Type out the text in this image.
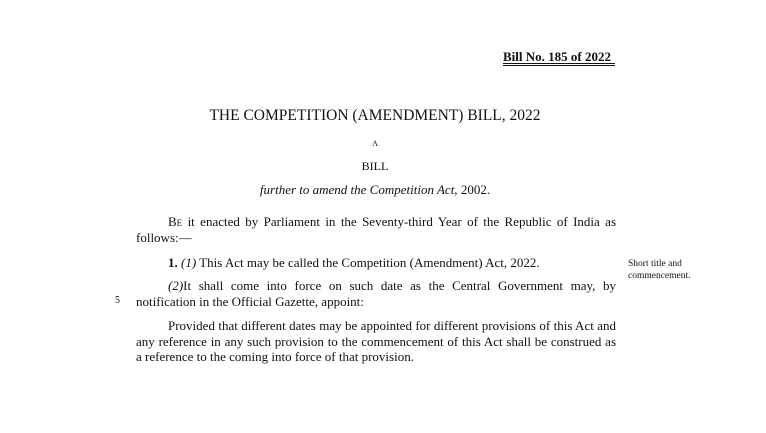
Bill No. 185 of 2022
THE COMPETITION (AMENDMENT) BILL, 2022
A
BILL
further to amend the Competition Act, 2002.
Be it enacted by Parliament in the Seventy-third Year of the Republic of India as follows:—
1. (1) This Act may be called the Competition (Amendment) Act, 2022.
(2)It shall come into force on such date as the Central Government may, by notification in the Official Gazette, appoint:
5
Provided that different dates may be appointed for different provisions of this Act and any reference in any such provision to the commencement of this Act shall be construed as a reference to the coming into force of that provision.
Short title and
commencement.
